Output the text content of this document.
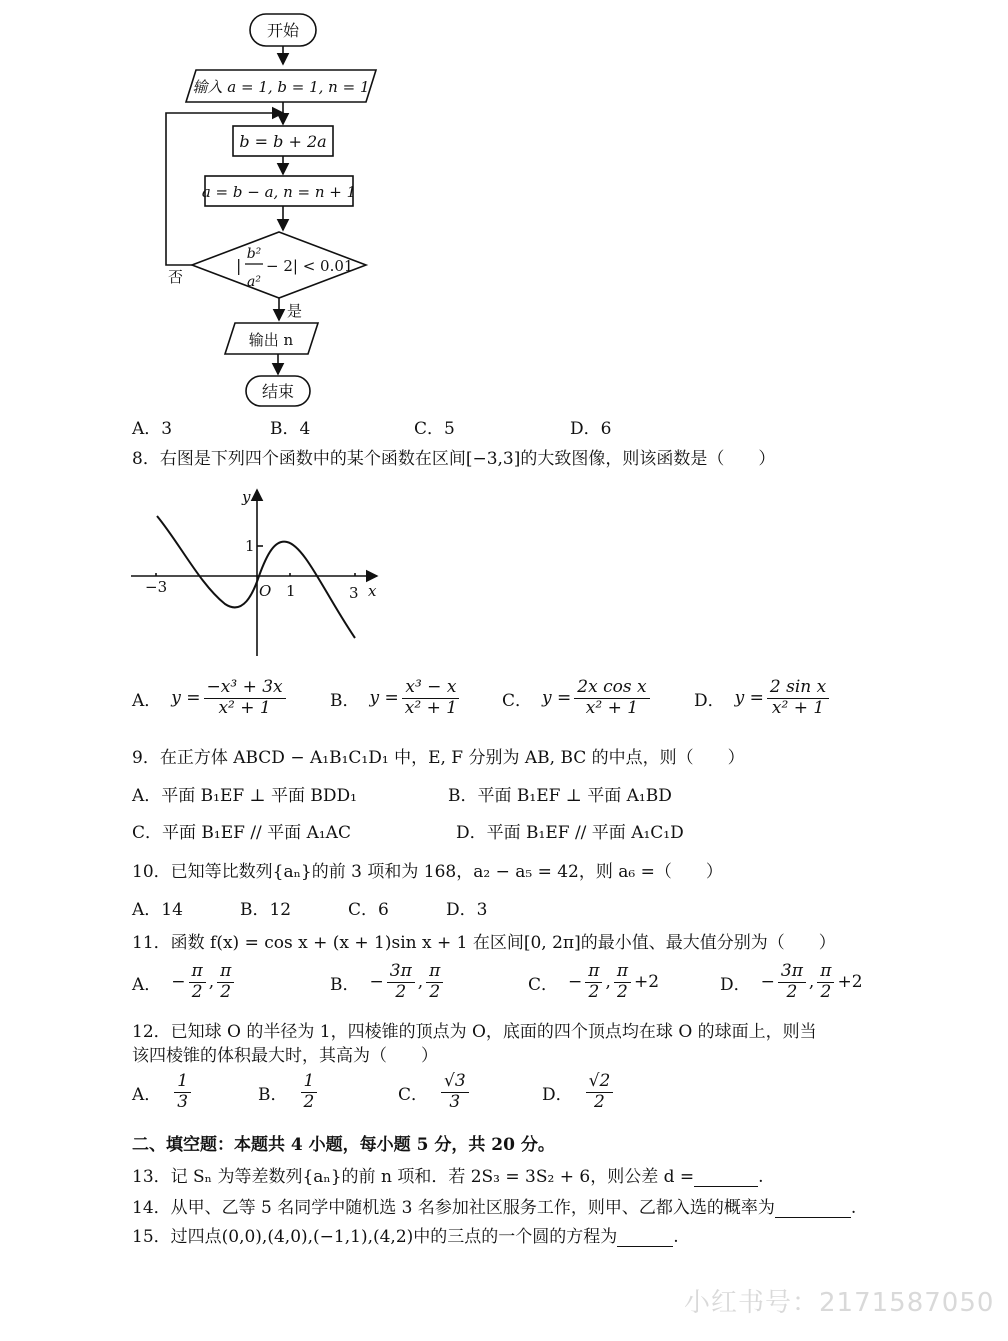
开始
输入 a = 1, b = 1, n = 1
b = b + 2a
a = b − a, n = n + 1
|
b²
a²
− 2| < 0.01
否
是
输出 n
结束
A．3	B．4	C．5	D．6
8．右图是下列四个函数中的某个函数在区间[−3,3]的大致图像，则该函数是（　　）
y
x
O
1
1	3
−3
A． $y = \frac{\text{−x³ + 3x}}{\text{x² + 1}}$	B． $y = \frac{\text{x³ − x}}{\text{x² + 1}}$ C． $y = \frac{\text{2x cos x}}{\text{x² + 1}}$	D． $y = \frac{\text{2 sin x}}{\text{x² + 1}}$
9．在正方体 ABCD − A₁B₁C₁D₁ 中，E, F 分别为 AB, BC 的中点，则（　　）
A．平面 B₁EF ⊥ 平面 BDD₁	B．平面 B₁EF ⊥ 平面 A₁BD
C．平面 B₁EF // 平面 A₁AC	D．平面 B₁EF // 平面 A₁C₁D
10．已知等比数列{aₙ}的前 3 项和为 168，a₂ − a₅ = 42，则 a₆ =（　　）
A．14	B．12	C．6	D．3
11．函数 f(x) = cos x + (x + 1)sin x + 1 在区间[0, 2π]的最小值、最大值分别为（　　）
A． − $\frac{\pi}{2}$ , $\frac{\pi}{2}$	B． − $\frac{3\pi}{2}$ , $\frac{\pi}{2}$	C． − $\frac{\pi}{2}$ , $\frac{\pi}{2} +2$	D． − $\frac{3\pi}{2}$ , $\frac{\pi}{2} +2$
12．已知球 O 的半径为 1，四棱锥的顶点为 O，底面的四个顶点均在球 O 的球面上，则当
该四棱锥的体积最大时，其高为（　　）
A． $\frac{1}{3}$	B． $\frac{1}{2}$	C． $\frac{√3}{3}$	D． $\frac{√2}{2}$
二、填空题：本题共 4 小题，每小题 5 分，共 20 分。
13．记 Sₙ 为等差数列{aₙ}的前 n 项和．若 2S₃ = 3S₂ + 6，则公差 d =	.
14．从甲、乙等 5 名同学中随机选 3 名参加社区服务工作，则甲、乙都入选的概率为	.
15．过四点(0,0),(4,0),(−1,1),(4,2)中的三点的一个圆的方程为	.
小红书号：2171587050
